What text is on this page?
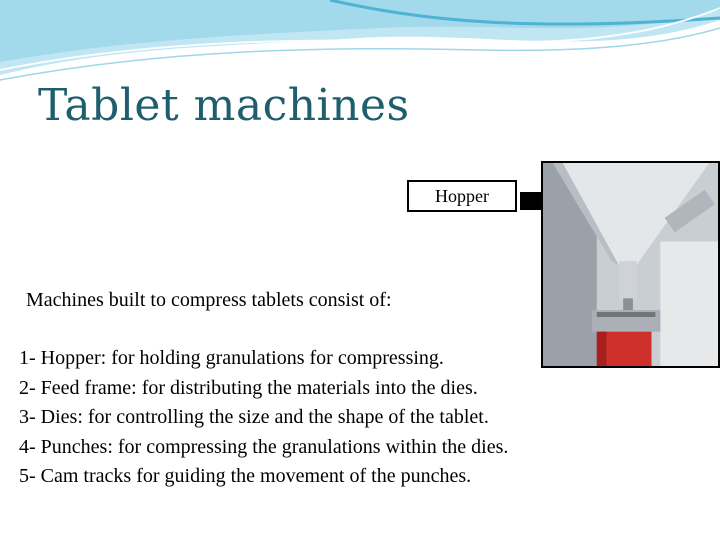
Tablet machines
Hopper
Machines built to compress tablets consist of:
1- Hopper: for holding granulations for compressing.
2- Feed frame: for distributing the materials into the dies.
3- Dies: for controlling the size and the shape of the tablet.
4- Punches: for compressing the granulations within the dies.
5- Cam tracks for guiding the movement of the punches.
